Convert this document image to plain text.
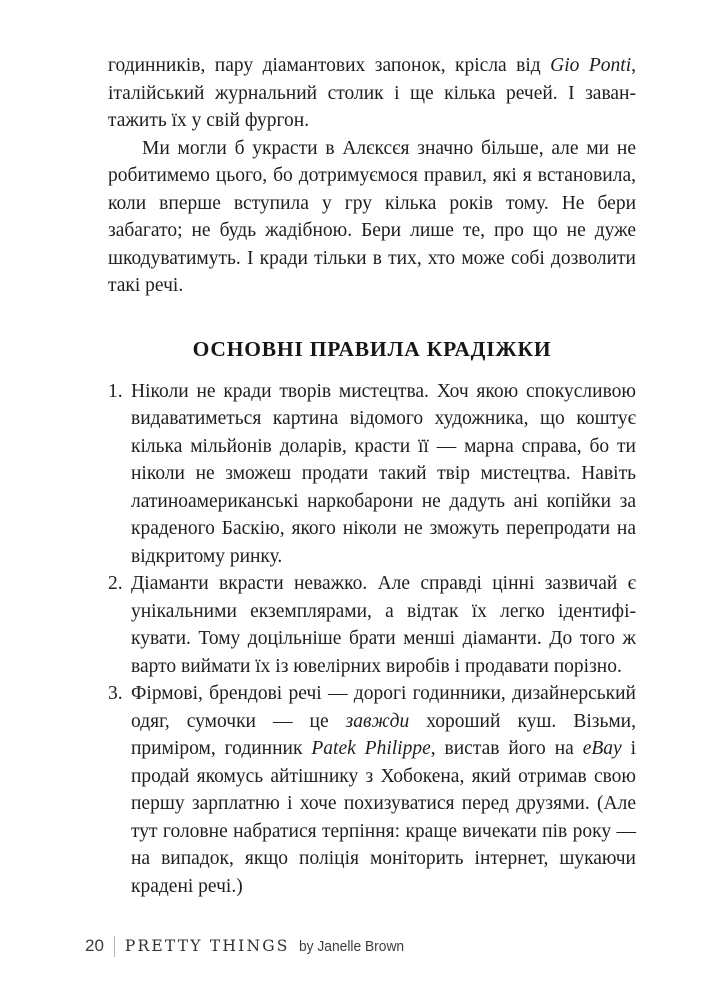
годинників, пару діамантових запонок, крісла від Gio Ponti, італійський журнальний столик і ще кілька речей. І завантажить їх у свій фургон.

Ми могли б украсти в Алєксєя значно більше, але ми не робитимемо цього, бо дотримуємося правил, які я встановила, коли вперше вступила у гру кілька років тому. Не бери забагато; не будь жадібною. Бери лише те, про що не дуже шкодуватимуть. І кради тільки в тих, хто може собі дозволити такі речі.

ОСНОВНІ ПРАВИЛА КРАДІЖКИ
1. Ніколи не кради творів мистецтва. Хоч якою спокусливою видаватиметься картина відомого художника, що коштує кілька мільйонів доларів, красти її — марна справа, бо ти ніколи не зможеш продати такий твір мистецтва. Навіть латиноамериканські наркобарони не дадуть ані копійки за краденого Баскію, якого ніколи не зможуть перепродати на відкритому ринку.
2. Діаманти вкрасти неважко. Але справді цінні зазвичай є унікальними екземплярами, а відтак їх легко ідентифікувати. Тому доцільніше брати менші діаманти. До того ж варто виймати їх із ювелірних виробів і продавати порізно.
3. Фірмові, брендові речі — дорогі годинники, дизайнерський одяг, сумочки — це завжди хороший куш. Візьми, приміром, годинник Patek Philippe, вистав його на eBay і продай якомусь айтішнику з Хобокена, який отримав свою першу зарплатню і хоче похизуватися перед друзями. (Але тут головне набратися терпіння: краще вичекати пів року — на випадок, якщо поліція моніторить інтернет, шукаючи крадені речі.)
20 PRETTY THINGS by Janelle Brown
